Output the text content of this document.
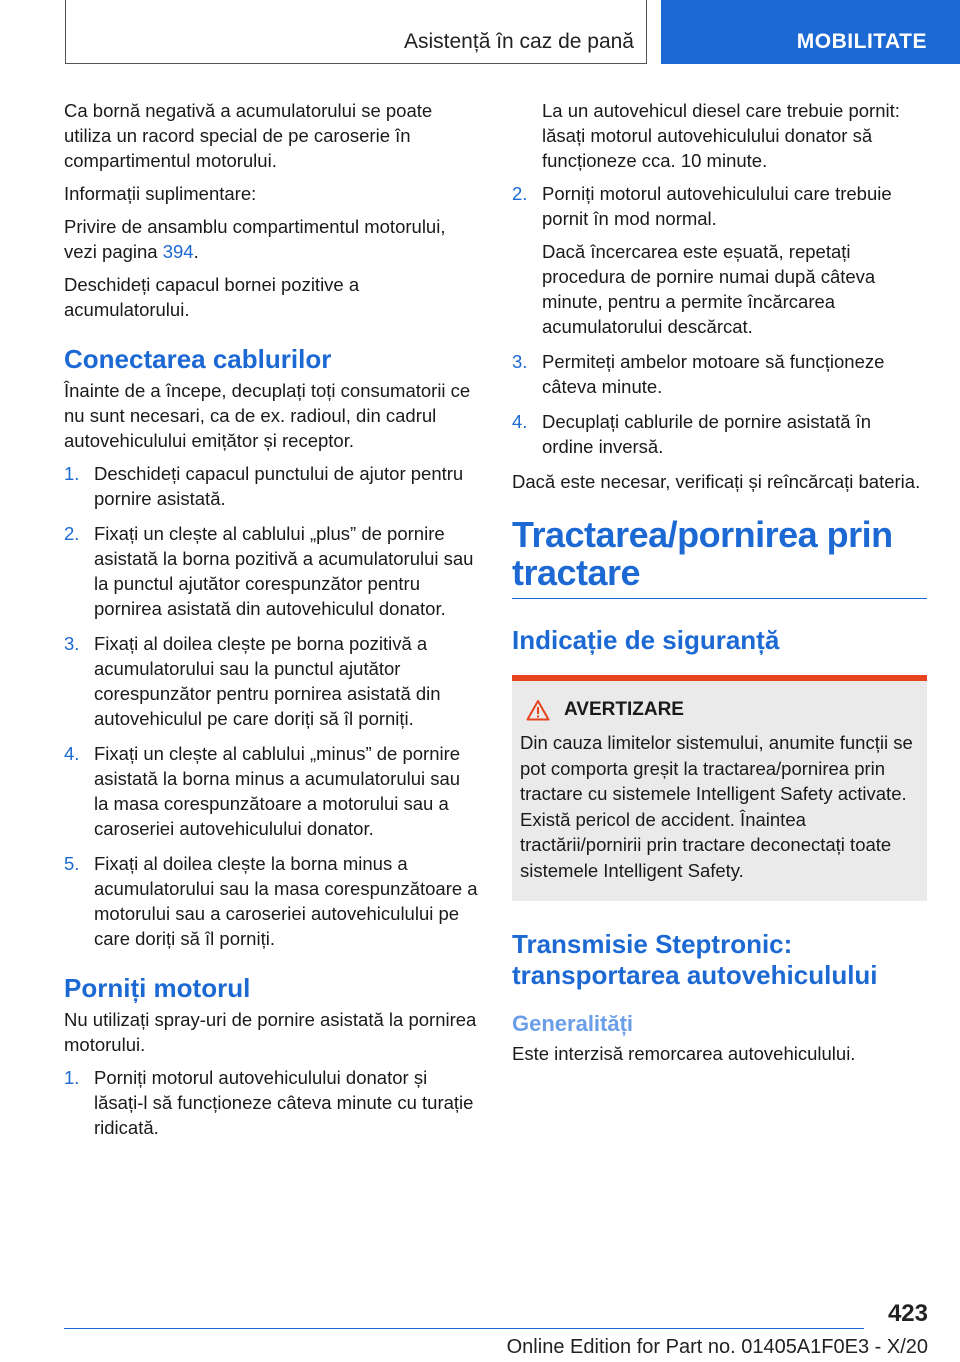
Asistență în caz de pană	MOBILITATE

Ca bornă negativă a acumulatorului se poate utiliza un racord special de pe caroserie în compartimentul motorului.

Informații suplimentare:

Privire de ansamblu compartimentul motorului, vezi pagina 394.

Deschideți capacul bornei pozitive a acumulatorului.

Conectarea cablurilor

Înainte de a începe, decuplați toți consumatorii ce nu sunt necesari, ca de ex. radioul, din cadrul autovehiculului emițător și receptor.

1. Deschideți capacul punctului de ajutor pentru pornire asistată.
2. Fixați un clește al cablului „plus” de pornire asistată la borna pozitivă a acumulatorului sau la punctul ajutător corespunzător pentru pornirea asistată din autovehiculul donator.
3. Fixați al doilea clește pe borna pozitivă a acumulatorului sau la punctul ajutător corespunzător pentru pornirea asistată din autovehiculul pe care doriți să îl porniți.
4. Fixați un clește al cablului „minus” de pornire asistată la borna minus a acumulatorului sau la masa corespunzătoare a motorului sau a caroseriei autovehiculului donator.
5. Fixați al doilea clește la borna minus a acumulatorului sau la masa corespunzătoare a motorului sau a caroseriei autovehiculului pe care doriți să îl porniți.
Porniți motorul

Nu utilizați spray-uri de pornire asistată la pornirea motorului.

1. Porniți motorul autovehiculului donator și lăsați-l să funcționeze câteva minute cu turație ridicată.

La un autovehicul diesel care trebuie pornit: lăsați motorul autovehiculului donator să funcționeze cca. 10 minute.

2. Porniți motorul autovehiculului care trebuie pornit în mod normal.

Dacă încercarea este eșuată, repetați procedura de pornire numai după câteva minute, pentru a permite încărcarea acumulatorului descărcat.

3. Permiteți ambelor motoare să funcționeze câteva minute.
4. Decuplați cablurile de pornire asistată în ordine inversă.

Dacă este necesar, verificați și reîncărcați bateria.

Tractarea/pornirea prin tractare
Indicație de siguranță
AVERTIZARE

Din cauza limitelor sistemului, anumite funcții se pot comporta greșit la tractarea/pornirea prin tractare cu sistemele Intelligent Safety activate. Există pericol de accident. Înaintea tractării/pornirii prin tractare deconectați toate sistemele Intelligent Safety.

Transmisie Steptronic: transportarea autovehiculului
Generalități

Este interzisă remorcarea autovehiculului.

423
Online Edition for Part no. 01405A1F0E3 - X/20
